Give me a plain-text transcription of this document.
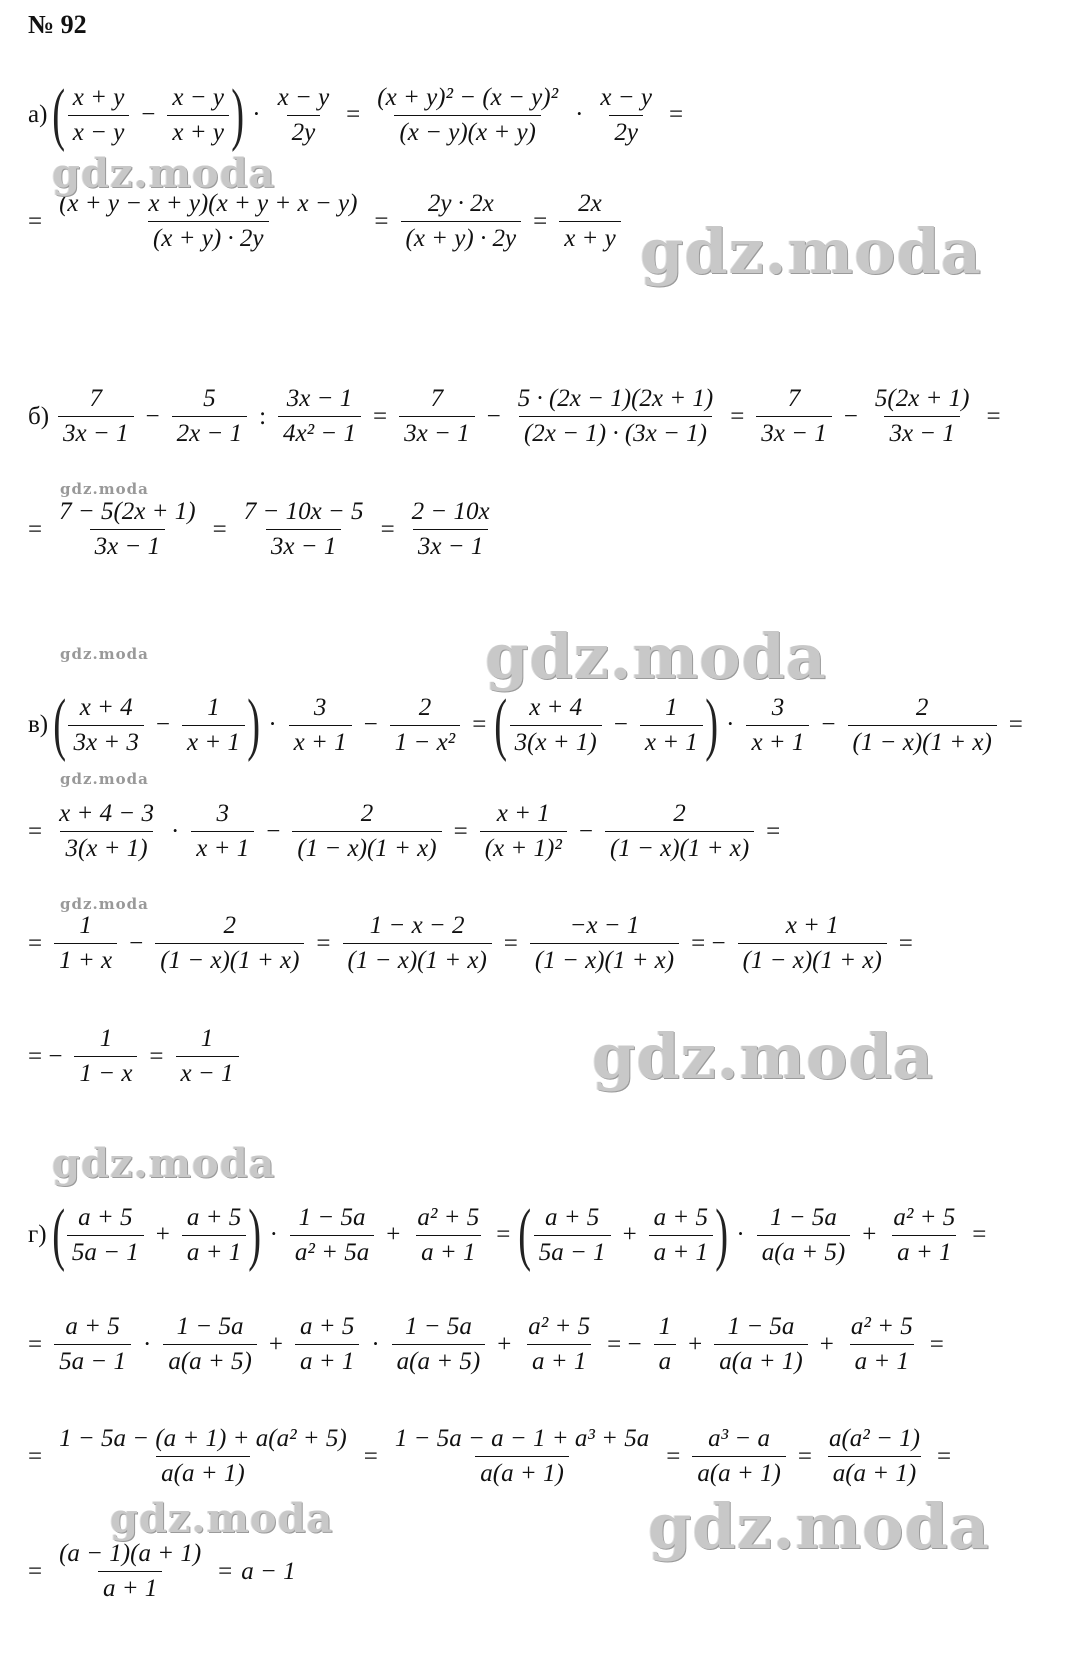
№ 92
а) ( $\frac{x + y}{x - y} - \frac{x - y}{x + y}$ ) · $\frac{x - y}{2y} = \frac{\text{(x + y)² − (x − y)²}}{(x - y)(x + y)} \cdot \frac{x - y}{2y}$ =
= $\frac{(x + y - x + y)(x + y + x - y)}{(x + y) \cdot 2y} = \frac{2y \cdot 2x}{(x + y) \cdot 2y} = \frac{2x}{x + y}$
$б) \frac{7}{3x - 1} - \frac{5}{2x - 1}$ : $\frac{3x - 1}{\text{4x² − 1}} = \frac{7}{3x - 1} - \frac{5 \cdot (2x - 1)(2x + 1)}{(2x - 1) \cdot (3x - 1)} = \frac{7}{3x - 1} - \frac{5(2x + 1)}{3x - 1}$ =
= $\frac{7 - 5(2x + 1)}{3x - 1} = \frac{7 - 10x - 5}{3x - 1} = \frac{2 - 10x}{3x - 1}$
в) ( $\frac{x + 4}{3x + 3} - \frac{1}{x + 1}$ ) · $\frac{3}{x + 1} - \frac{2}{\text{1 − x²}}$ = ( $\frac{x + 4}{3(x + 1)} - \frac{1}{x + 1}$ ) · $\frac{3}{x + 1} - \frac{2}{(1 - x)(1 + x)}$ =
= $\frac{x + 4 - 3}{3(x + 1)} \cdot \frac{3}{x + 1} - \frac{2}{(1 - x)(1 + x)} = \frac{x + 1}{\text{(x + 1)²}} - \frac{2}{(1 - x)(1 + x)}$ =
= $\frac{1}{1 + x} - \frac{2}{(1 - x)(1 + x)} = \frac{1 - x - 2}{(1 - x)(1 + x)} = \frac{-x - 1}{(1 - x)(1 + x)}$ = − $\frac{x + 1}{(1 - x)(1 + x)}$ =
= − $\frac{1}{1 - x} = \frac{1}{x - 1}$
г) ( $\frac{a + 5}{5a - 1} + \frac{a + 5}{a + 1}$ ) · $\frac{1 - 5a}{\text{a² + 5a}} + \frac{\text{a² + 5}}{a + 1}$ = ( $\frac{a + 5}{5a - 1} + \frac{a + 5}{a + 1}$ ) · $\frac{1 - 5a}{a(a + 5)} + \frac{\text{a² + 5}}{a + 1}$ =
= $\frac{a + 5}{5a - 1} \cdot \frac{1 - 5a}{a(a + 5)} + \frac{a + 5}{a + 1} \cdot \frac{1 - 5a}{a(a + 5)} + \frac{\text{a² + 5}}{a + 1}$ = − $\frac{1}{a} + \frac{1 - 5a}{a(a + 1)} + \frac{\text{a² + 5}}{a + 1}$ =
= $\frac{\text{1 − 5a − (a + 1) + a(a² + 5)}}{a(a + 1)} = \frac{\text{1 − 5a − a − 1 + a³ + 5a}}{a(a + 1)} = \frac{\text{a³ − a}}{a(a + 1)} = \frac{\text{a(a² − 1)}}{a(a + 1)}$ =
= $\frac{(a - 1)(a + 1)}{a + 1} = a - 1$
gdz.moda
gdz.moda
gdz.moda
gdz.moda	gdz.moda
gdz.moda
gdz.moda
gdz.moda
gdz.moda
gdz.moda	gdz.moda
